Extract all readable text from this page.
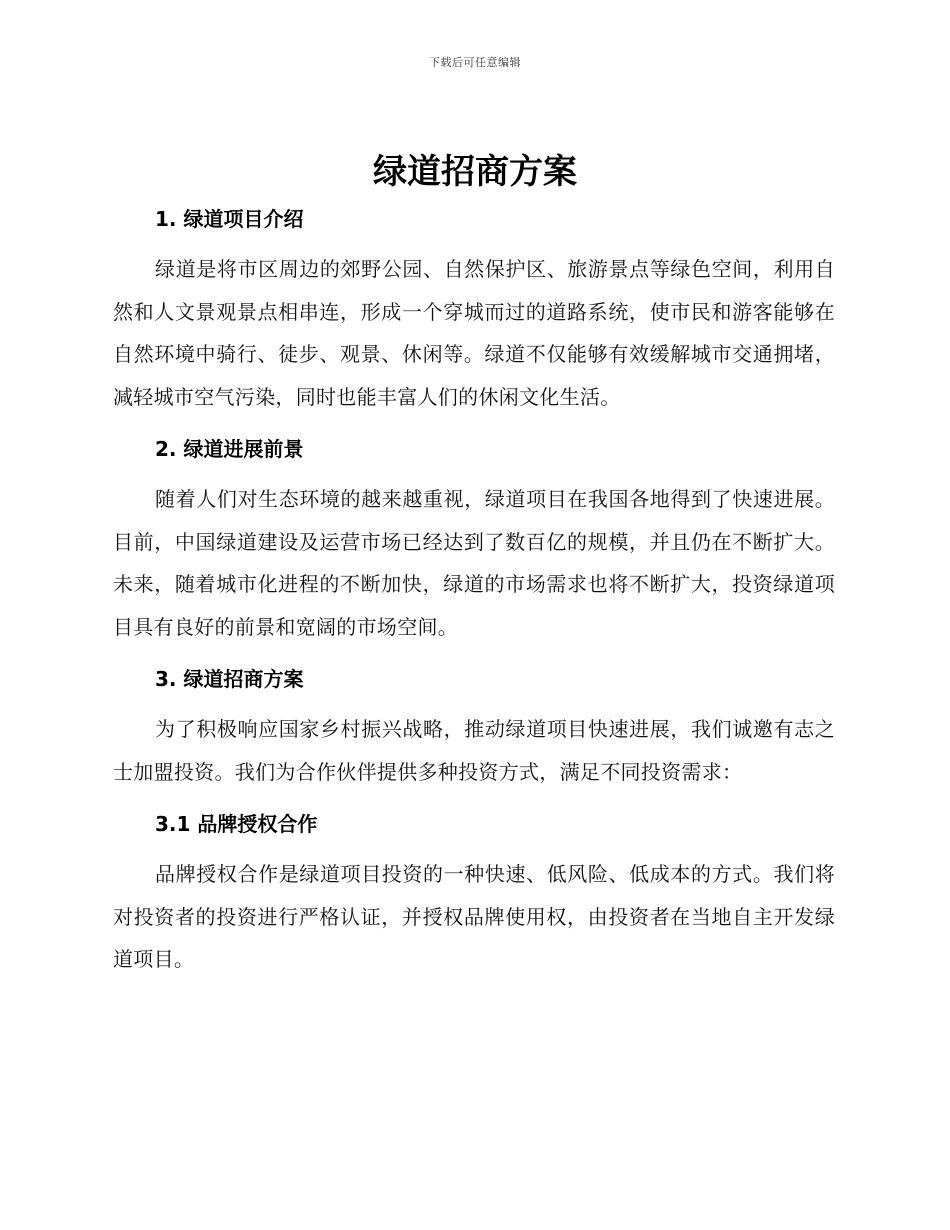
下载后可任意编辑
绿道招商方案
1. 绿道项目介绍

绿道是将市区周边的郊野公园、自然保护区、旅游景点等绿色空间，利用自然和人文景观景点相串连，形成一个穿城而过的道路系统，使市民和游客能够在自然环境中骑行、徒步、观景、休闲等。绿道不仅能够有效缓解城市交通拥堵，减轻城市空气污染，同时也能丰富人们的休闲文化生活。

2. 绿道进展前景

随着人们对生态环境的越来越重视，绿道项目在我国各地得到了快速进展。目前，中国绿道建设及运营市场已经达到了数百亿的规模，并且仍在不断扩大。未来，随着城市化进程的不断加快，绿道的市场需求也将不断扩大，投资绿道项目具有良好的前景和宽阔的市场空间。

3. 绿道招商方案

为了积极响应国家乡村振兴战略，推动绿道项目快速进展，我们诚邀有志之士加盟投资。我们为合作伙伴提供多种投资方式，满足不同投资需求：

3.1 品牌授权合作

品牌授权合作是绿道项目投资的一种快速、低风险、低成本的方式。我们将对投资者的投资进行严格认证，并授权品牌使用权，由投资者在当地自主开发绿道项目。
